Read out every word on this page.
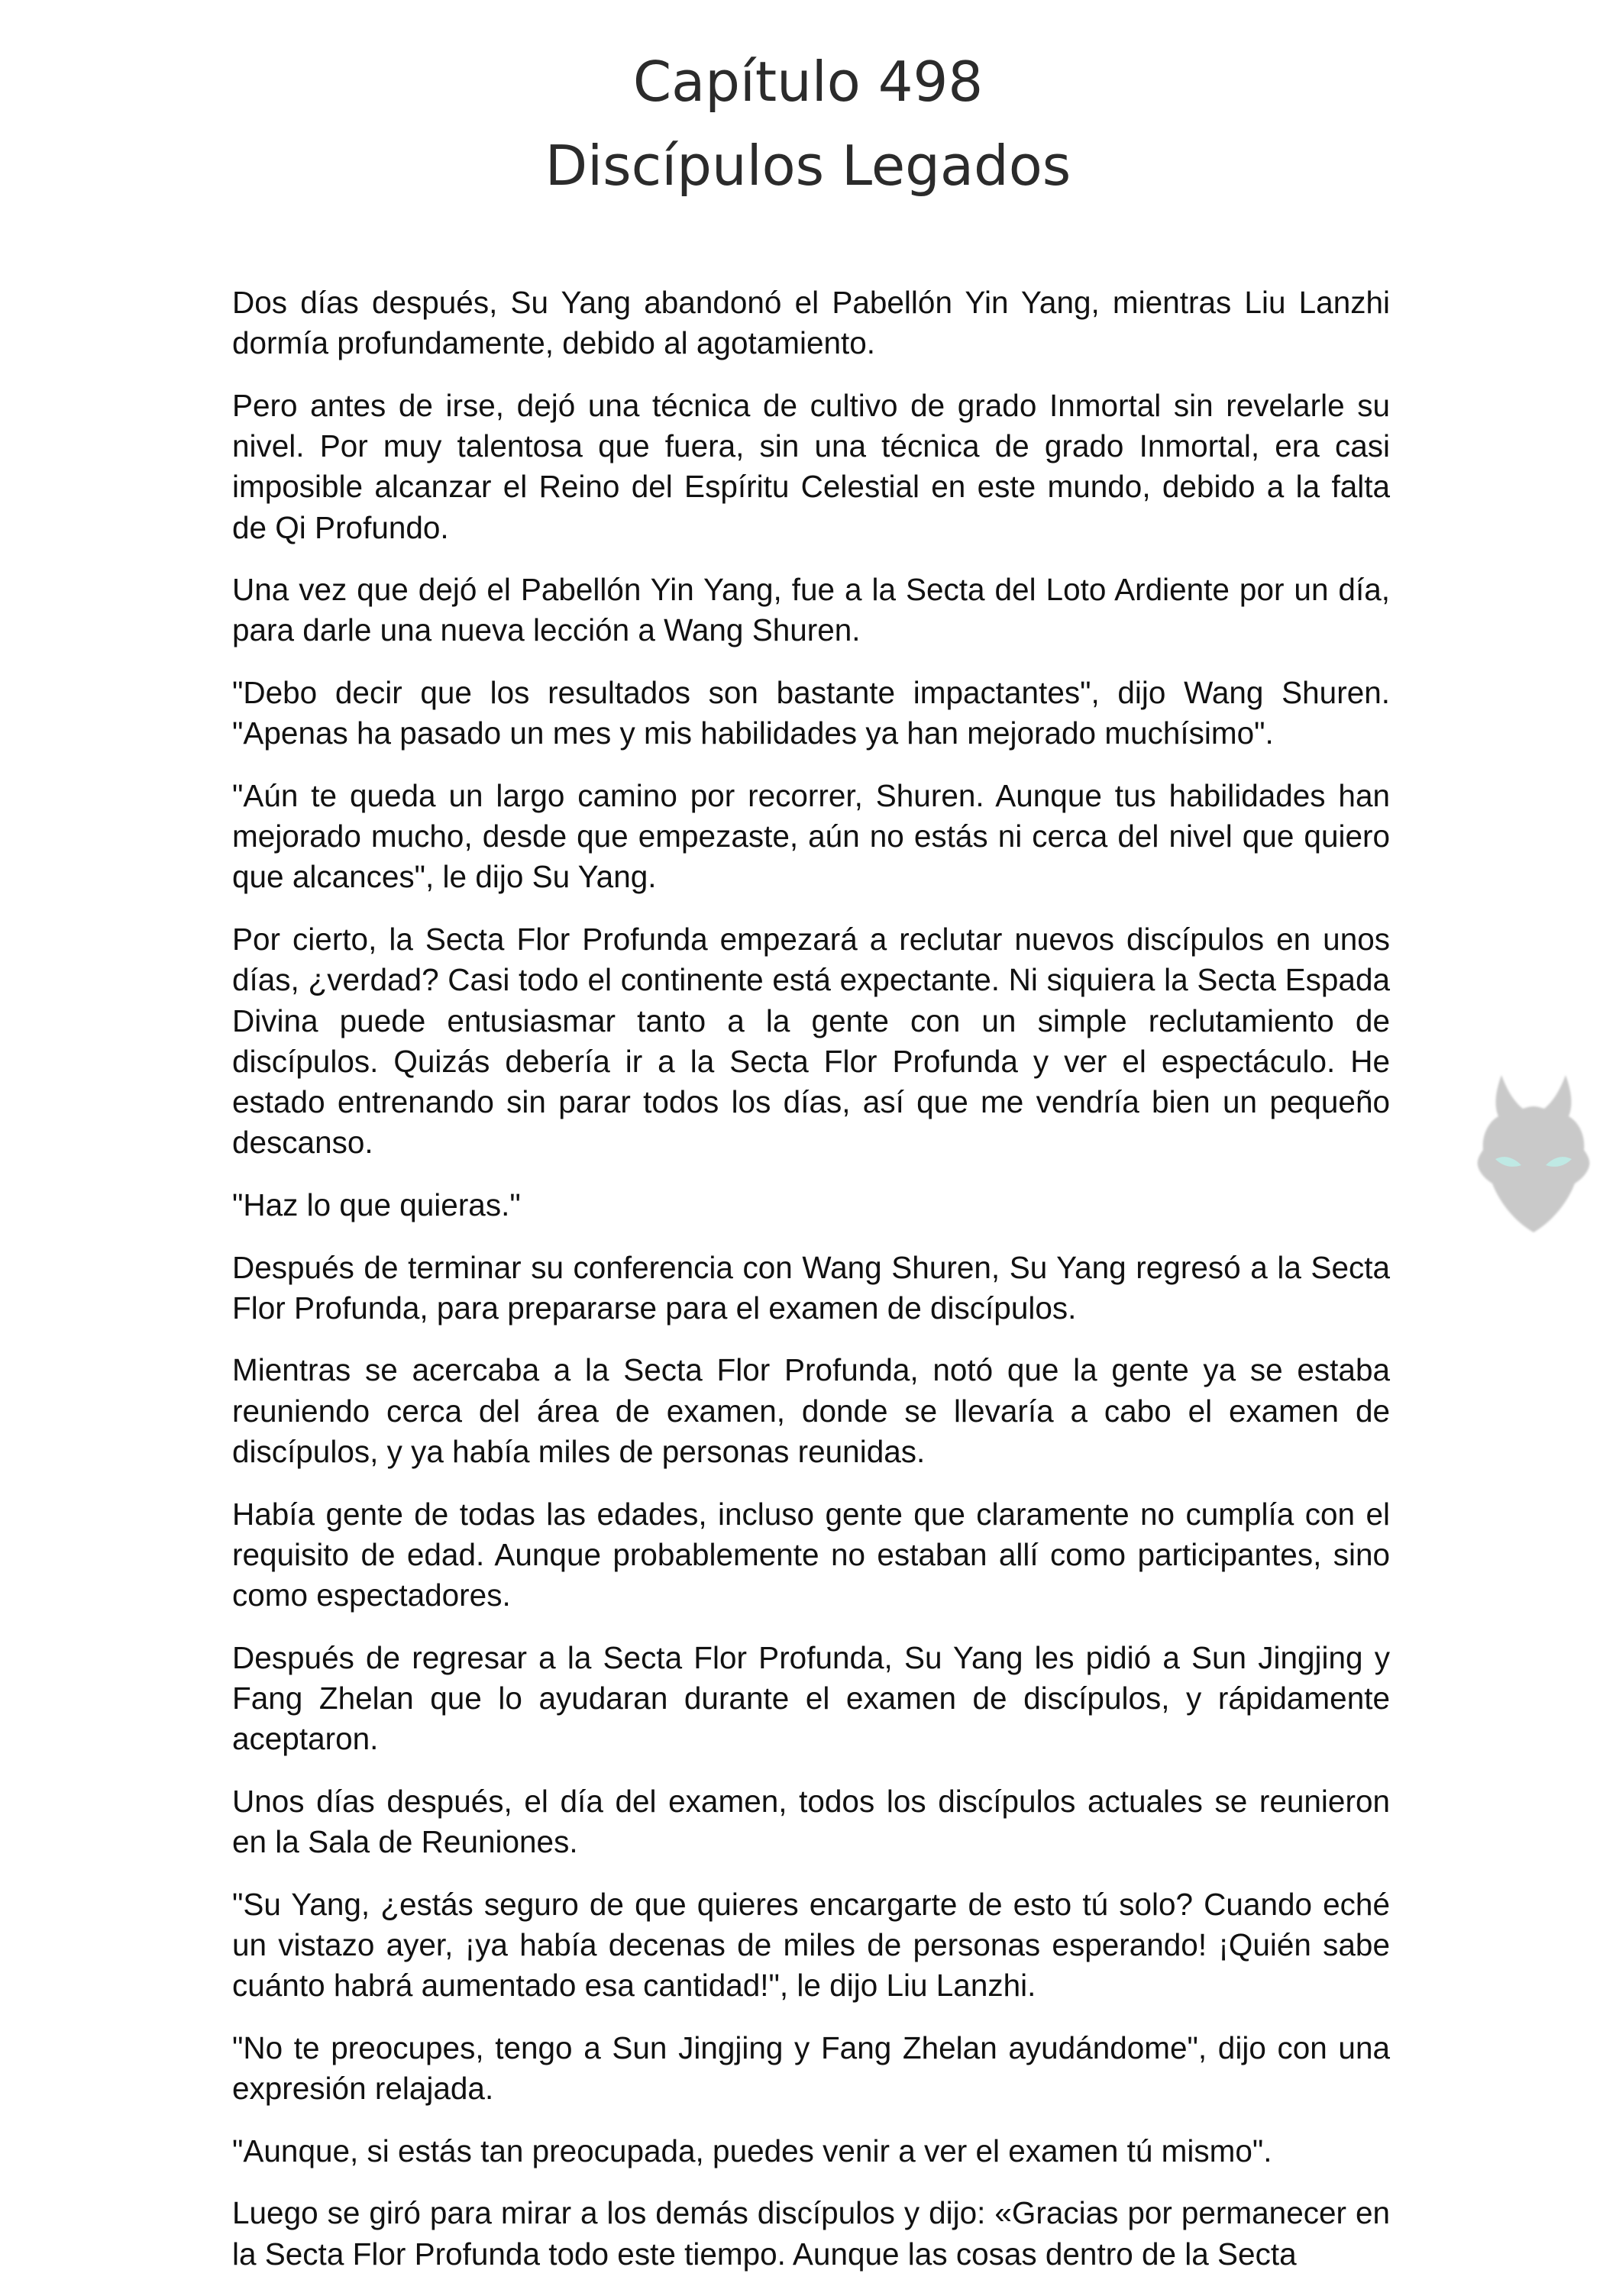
Capítulo 498
Discípulos Legados

Dos días después, Su Yang abandonó el Pabellón Yin Yang, mientras Liu Lanzhi dormía profundamente, debido al agotamiento.

Pero antes de irse, dejó una técnica de cultivo de grado Inmortal sin revelarle su nivel. Por muy talentosa que fuera, sin una técnica de grado Inmortal, era casi imposible alcanzar el Reino del Espíritu Celestial en este mundo, debido a la falta de Qi Profundo.

Una vez que dejó el Pabellón Yin Yang, fue a la Secta del Loto Ardiente por un día, para darle una nueva lección a Wang Shuren.

"Debo decir que los resultados son bastante impactantes", dijo Wang Shuren. "Apenas ha pasado un mes y mis habilidades ya han mejorado muchísimo".

"Aún te queda un largo camino por recorrer, Shuren. Aunque tus habilidades han mejorado mucho, desde que empezaste, aún no estás ni cerca del nivel que quiero que alcances", le dijo Su Yang.

Por cierto, la Secta Flor Profunda empezará a reclutar nuevos discípulos en unos días, ¿verdad? Casi todo el continente está expectante. Ni siquiera la Secta Espada Divina puede entusiasmar tanto a la gente con un simple reclutamiento de discípulos. Quizás debería ir a la Secta Flor Profunda y ver el espectáculo. He estado entrenando sin parar todos los días, así que me vendría bien un pequeño descanso.

"Haz lo que quieras."

Después de terminar su conferencia con Wang Shuren, Su Yang regresó a la Secta Flor Profunda, para prepararse para el examen de discípulos.

Mientras se acercaba a la Secta Flor Profunda, notó que la gente ya se estaba reuniendo cerca del área de examen, donde se llevaría a cabo el examen de discípulos, y ya había miles de personas reunidas.

Había gente de todas las edades, incluso gente que claramente no cumplía con el requisito de edad. Aunque probablemente no estaban allí como participantes, sino como espectadores.

Después de regresar a la Secta Flor Profunda, Su Yang les pidió a Sun Jingjing y Fang Zhelan que lo ayudaran durante el examen de discípulos, y rápidamente aceptaron.

Unos días después, el día del examen, todos los discípulos actuales se reunieron en la Sala de Reuniones.

"Su Yang, ¿estás seguro de que quieres encargarte de esto tú solo? Cuando eché un vistazo ayer, ¡ya había decenas de miles de personas esperando! ¡Quién sabe cuánto habrá aumentado esa cantidad!", le dijo Liu Lanzhi.

"No te preocupes, tengo a Sun Jingjing y Fang Zhelan ayudándome", dijo con una expresión relajada.

"Aunque, si estás tan preocupada, puedes venir a ver el examen tú mismo".

Luego se giró para mirar a los demás discípulos y dijo: «Gracias por permanecer en la Secta Flor Profunda todo este tiempo. Aunque las cosas dentro de la Secta
